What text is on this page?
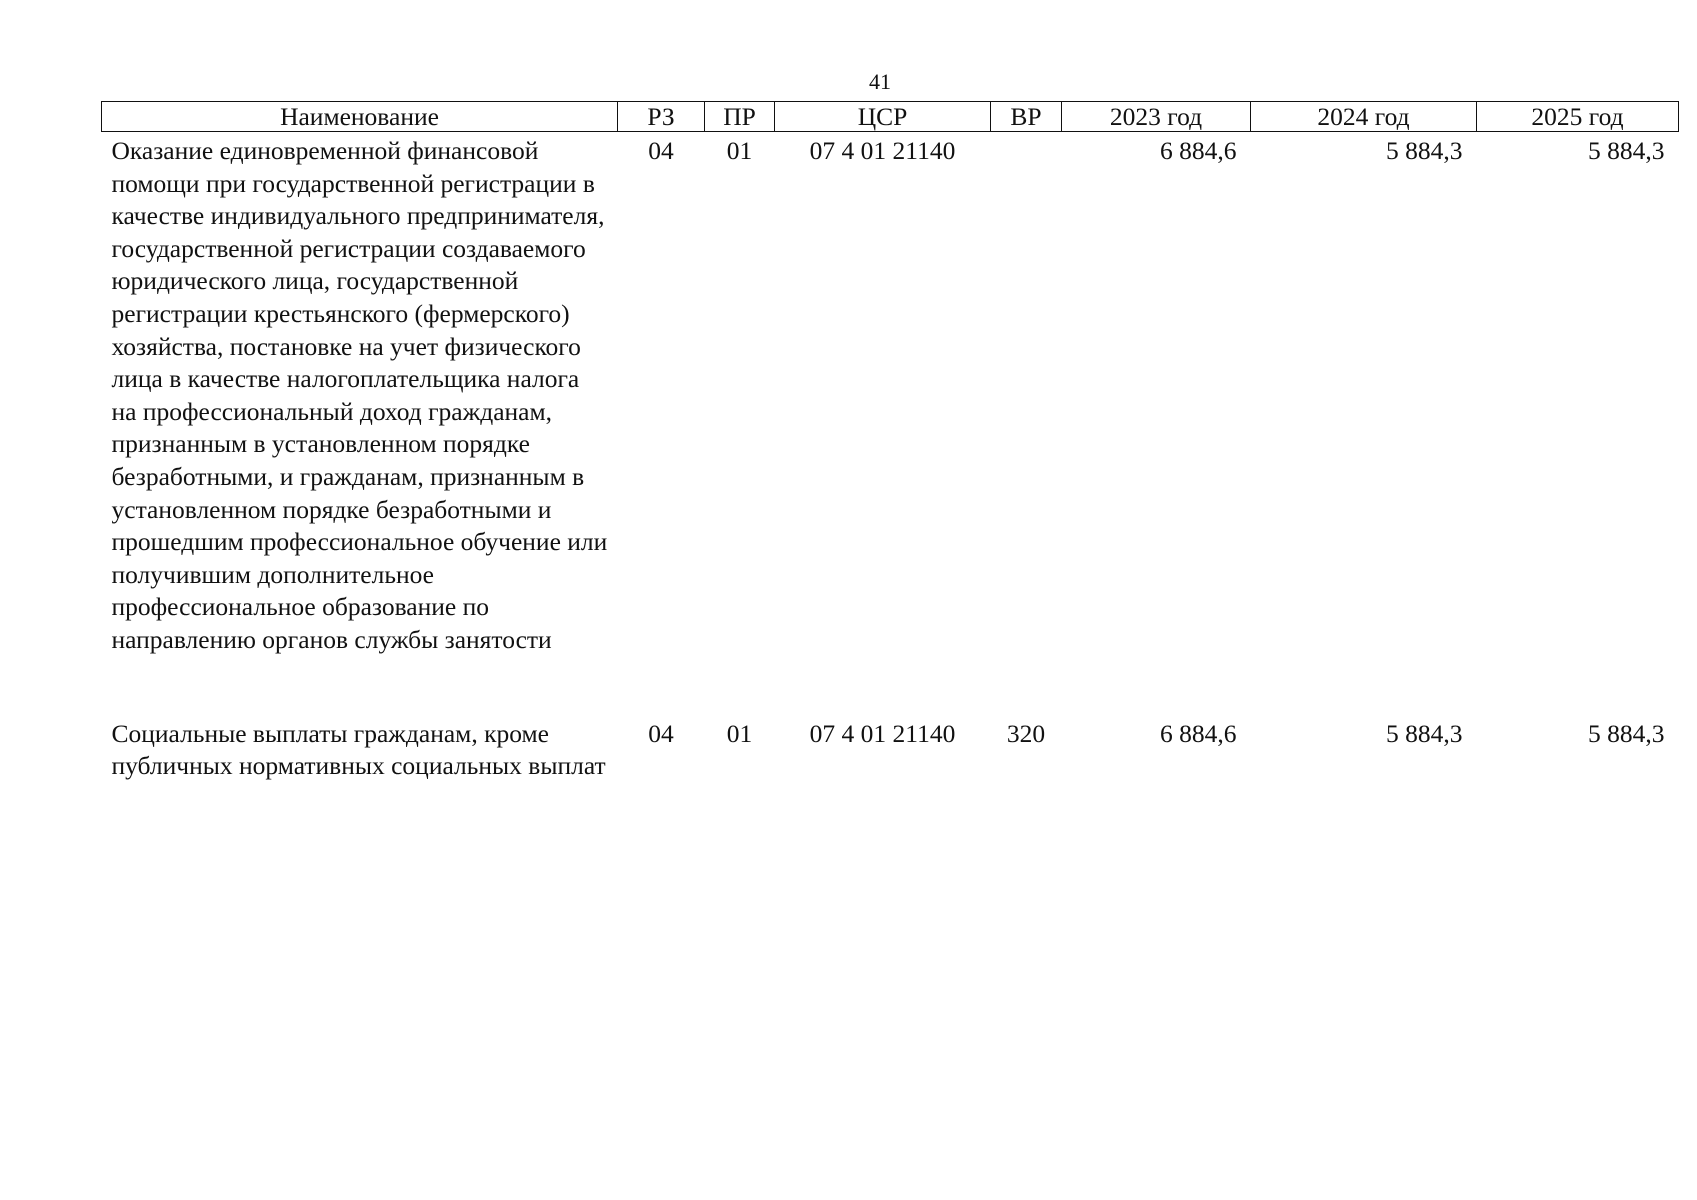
41
Наименование	РЗ	ПР	ЦСР	ВР	2023 год	2024 год	2025 год

Оказание единовременной финансовой помощи при государственной регистрации в качестве индивидуального предпринимателя, государственной регистрации создаваемого юридического лица, государственной регистрации крестьянского (фермерского) хозяйства, постановке на учет физического лица в качестве налогоплательщика налога на профессиональный доход гражданам, признанным в установленном порядке безработными, и гражданам, признанным в установленном порядке безработными и прошедшим профессиональное обучение или получившим дополнительное профессиональное образование по направлению органов службы занятости	04	01	07 4 01 21140		6 884,6	5 884,3	5 884,3

Социальные выплаты гражданам, кроме публичных нормативных социальных выплат	04	01	07 4 01 21140	320	6 884,6	5 884,3	5 884,3
